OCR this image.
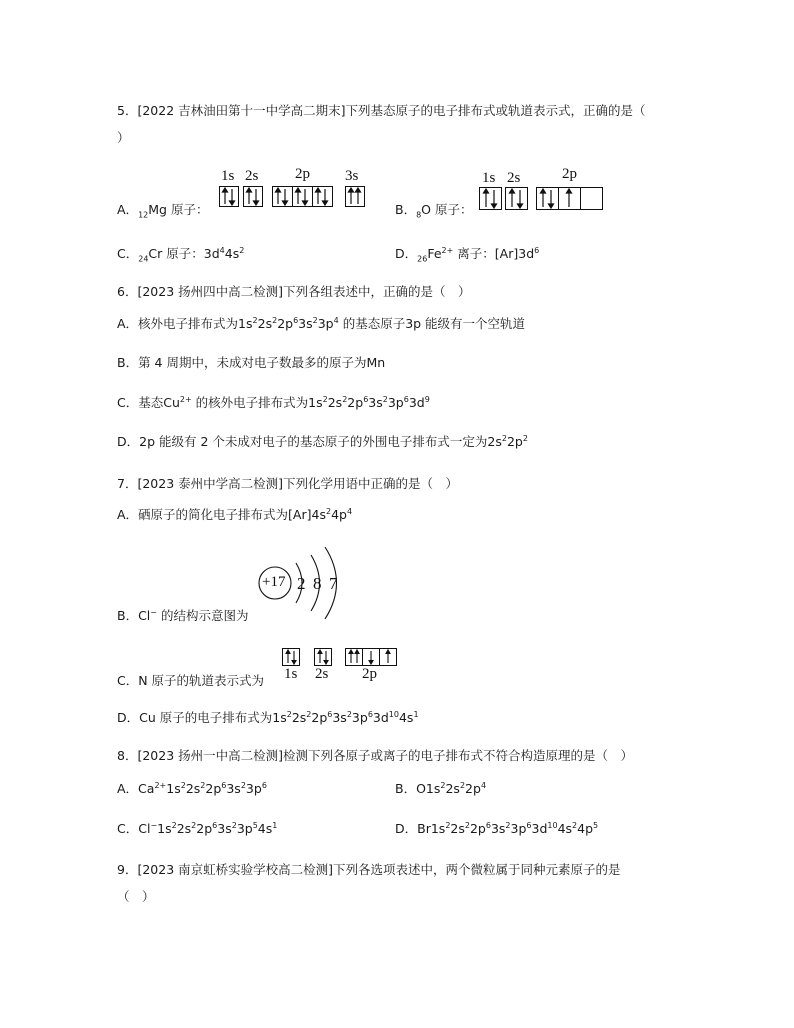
5．[2022 吉林油田第十一中学高二期末]下列基态原子的电子排布式或轨道表示式，正确的是（
）
1s 2s 2p 3s
A．$_{12}$Mg 原子：
1s 2s	2p
B．$_8$O 原子：
C．$_{24}$Cr 原子：$3d^44s^2$	D．$_{26}Fe^{2+}$ 离子：$[Ar]3d^6$
6．[2023 扬州四中高二检测]下列各组表述中，正确的是（　）
A．核外电子排布式为$1s^22s^22p^63s^23p^4$ 的基态原子3p 能级有一个空轨道
B．第 4 周期中，未成对电子数最多的原子为Mn
C．基态$Cu^{2+}$ 的核外电子排布式为$1s^22s^22p^63s^23p^63d^9$
D．2p 能级有 2 个未成对电子的基态原子的外围电子排布式一定为$2s^22p^2$
7．[2023 泰州中学高二检测]下列化学用语中正确的是（　）
A．硒原子的简化电子排布式为$[Ar]4s^24p^4$
+17 2 8 7
B．Cl− 的结构示意图为
1s 2s 2p
C．N 原子的轨道表示式为
D．Cu 原子的电子排布式为$1s^22s^22p^63s^23p^63d^{10}4s^1$
8．[2023 扬州一中高二检测]检测下列各原子或离子的电子排布式不符合构造原理的是（　）
A．$Ca^{2+}1s^22s^22p^63s^23p^6$	B．$O1s^22s^22p^4$
C．$Cl^-1s^22s^22p^63s^23p^54s^1$	D．$Br1s^22s^22p^63s^23p^63d^{10}4s^24p^5$
9．[2023 南京虹桥实验学校高二检测]下列各选项表述中，两个微粒属于同种元素原子的是
（　）
